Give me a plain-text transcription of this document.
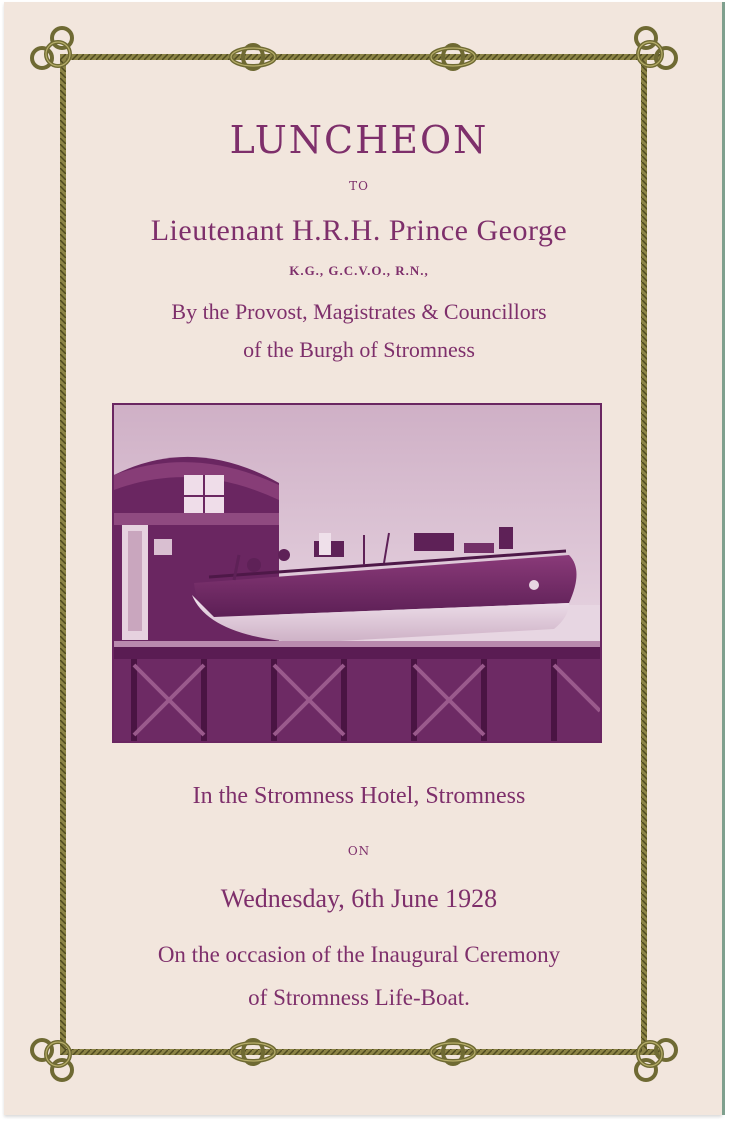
LUNCHEON
TO
Lieutenant H.R.H. Prince George
K.G., G.C.V.O., R.N.,
By the Provost, Magistrates & Councillors
of the Burgh of Stromness
In the Stromness Hotel, Stromness
ON
Wednesday, 6th June 1928
On the occasion of the Inaugural Ceremony
of Stromness Life-Boat.
